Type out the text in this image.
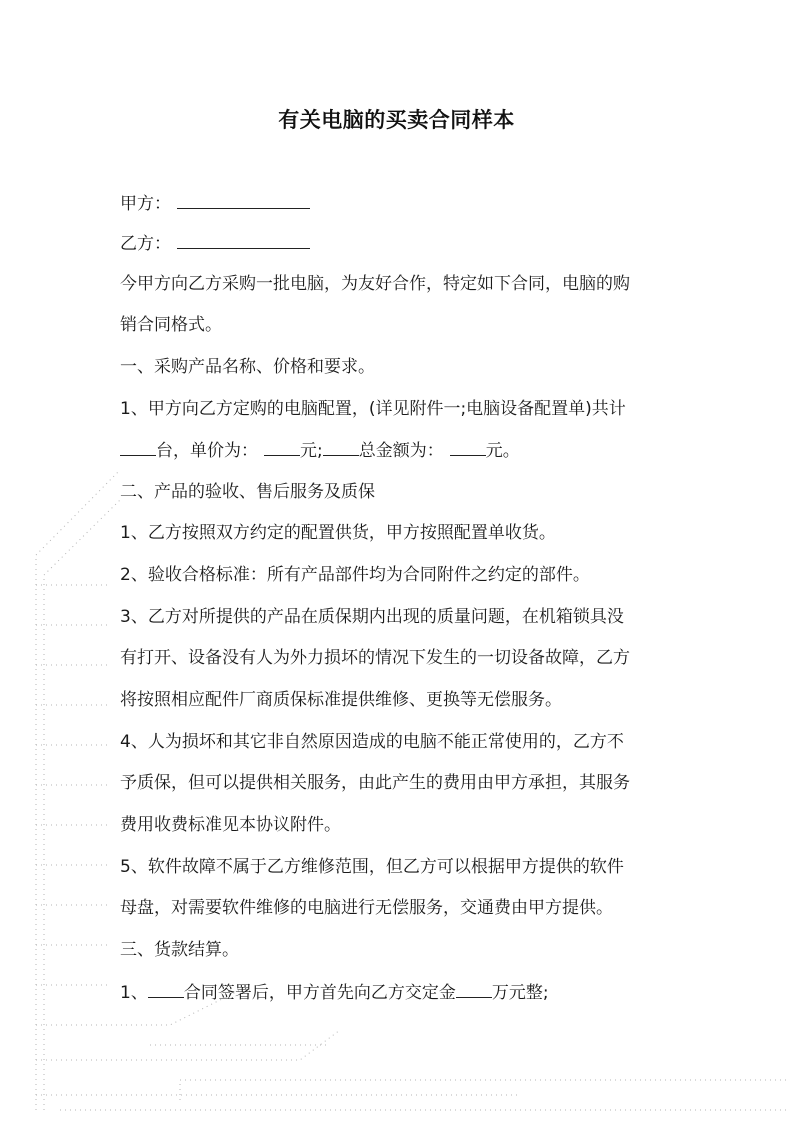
有关电脑的买卖合同样本
甲方：
乙方：
今甲方向乙方采购一批电脑，为友好合作，特定如下合同，电脑的购
销合同格式。
一、采购产品名称、价格和要求。
1、甲方向乙方定购的电脑配置，(详见附件一;电脑设备配置单)共计
台，单价为： 元; 总金额为： 元。
二、产品的验收、售后服务及质保
1、乙方按照双方约定的配置供货，甲方按照配置单收货。
2、验收合格标准：所有产品部件均为合同附件之约定的部件。
3、乙方对所提供的产品在质保期内出现的质量问题，在机箱锁具没
有打开、设备没有人为外力损坏的情况下发生的一切设备故障，乙方
将按照相应配件厂商质保标准提供维修、更换等无偿服务。
4、人为损坏和其它非自然原因造成的电脑不能正常使用的，乙方不
予质保，但可以提供相关服务，由此产生的费用由甲方承担，其服务
费用收费标准见本协议附件。
5、软件故障不属于乙方维修范围，但乙方可以根据甲方提供的软件
母盘，对需要软件维修的电脑进行无偿服务，交通费由甲方提供。
三、货款结算。
1、 合同签署后，甲方首先向乙方交定金 万元整;
